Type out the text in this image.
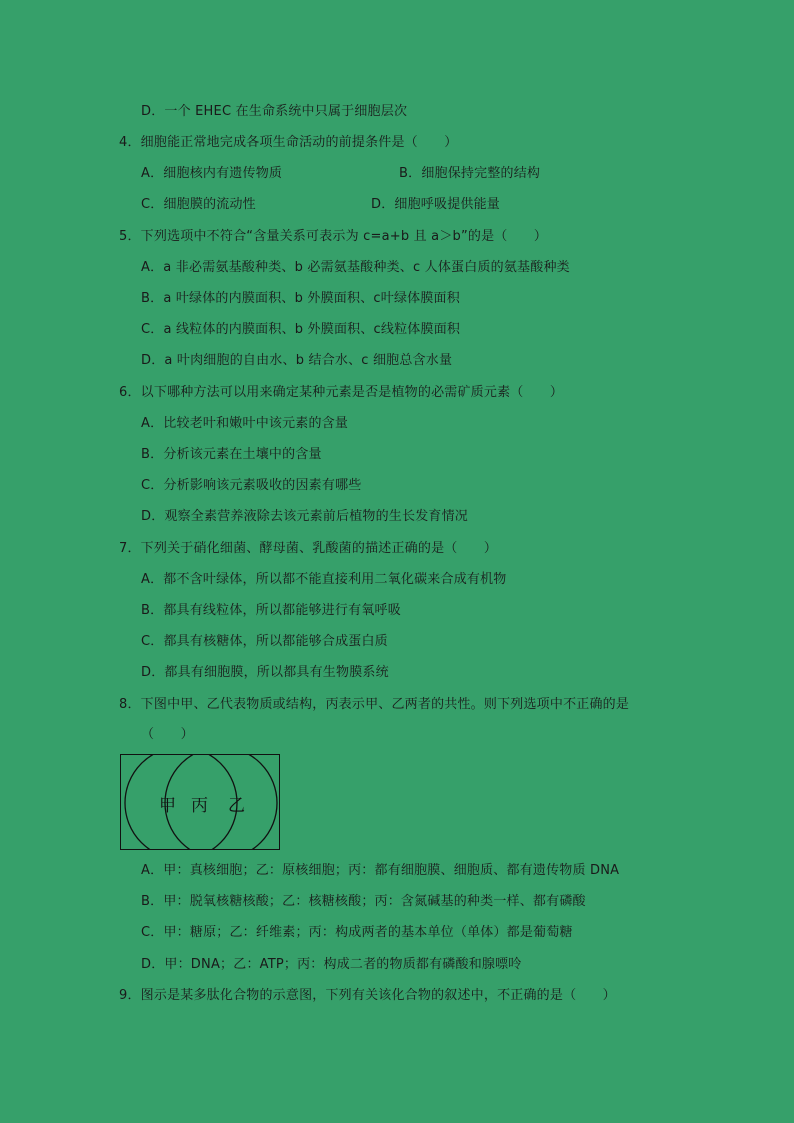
D．一个 EHEC 在生命系统中只属于细胞层次
4．细胞能正常地完成各项生命活动的前提条件是（　　）
A．细胞核内有遗传物质	B．细胞保持完整的结构
C．细胞膜的流动性	D．细胞呼吸提供能量
5．下列选项中不符合“含量关系可表示为 c=a+b 且 a＞b”的是（　　）
A．a 非必需氨基酸种类、b 必需氨基酸种类、c 人体蛋白质的氨基酸种类
B．a 叶绿体的内膜面积、b 外膜面积、c叶绿体膜面积
C．a 线粒体的内膜面积、b 外膜面积、c线粒体膜面积
D．a 叶肉细胞的自由水、b 结合水、c 细胞总含水量
6．以下哪种方法可以用来确定某种元素是否是植物的必需矿质元素（　　）
A．比较老叶和嫩叶中该元素的含量
B．分析该元素在土壤中的含量
C．分析影响该元素吸收的因素有哪些
D．观察全素营养液除去该元素前后植物的生长发育情况
7．下列关于硝化细菌、酵母菌、乳酸菌的描述正确的是（　　）
A．都不含叶绿体，所以都不能直接利用二氧化碳来合成有机物
B．都具有线粒体，所以都能够进行有氧呼吸
C．都具有核糖体，所以都能够合成蛋白质
D．都具有细胞膜，所以都具有生物膜系统
8．下图中甲、乙代表物质或结构，丙表示甲、乙两者的共性。则下列选项中不正确的是
（　　）
甲 丙 乙
A．甲：真核细胞；乙：原核细胞；丙：都有细胞膜、细胞质、都有遗传物质 DNA
B．甲：脱氧核糖核酸；乙：核糖核酸；丙：含氮碱基的种类一样、都有磷酸
C．甲：糖原；乙：纤维素；丙：构成两者的基本单位（单体）都是葡萄糖
D．甲：DNA；乙：ATP；丙：构成二者的物质都有磷酸和腺嘌呤
9．图示是某多肽化合物的示意图，下列有关该化合物的叙述中，不正确的是（　　）
